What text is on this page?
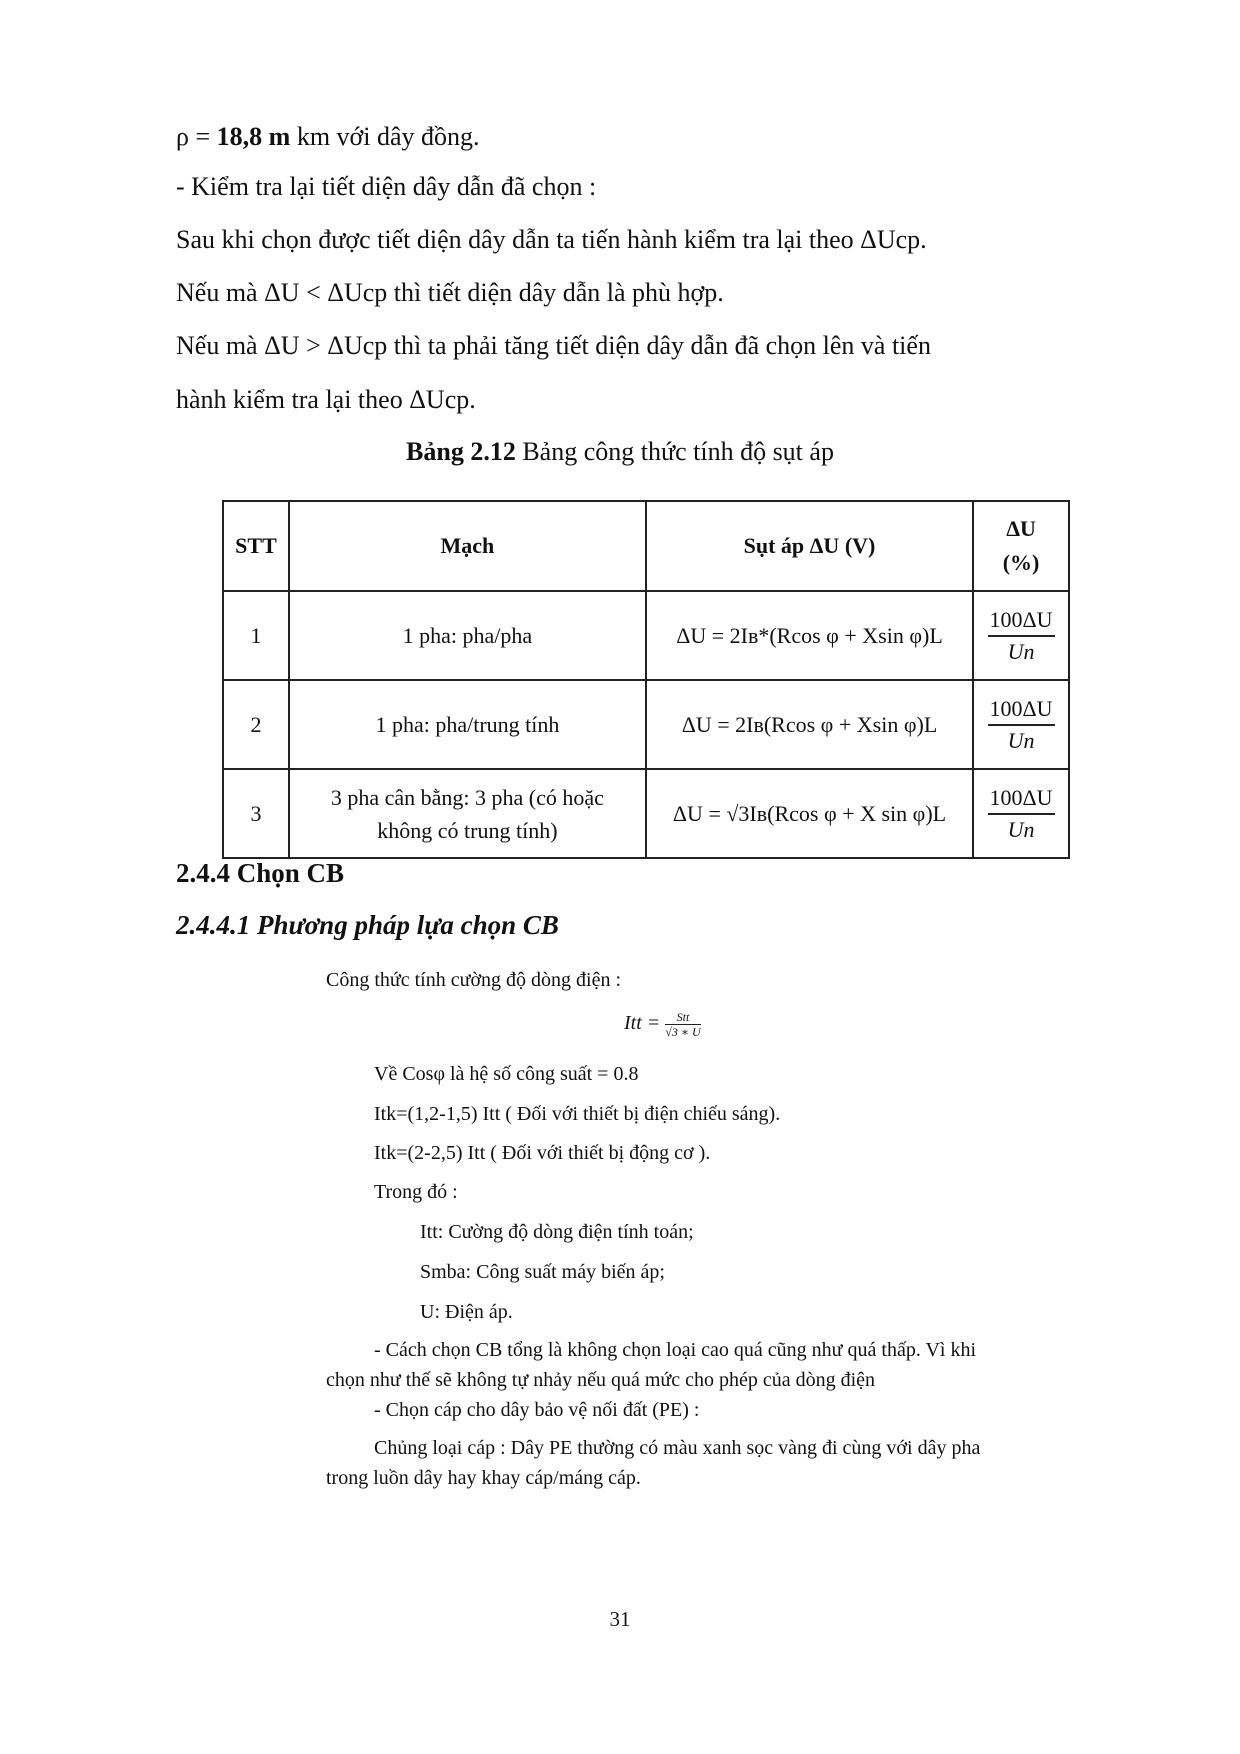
ρ = 18,8 m km với dây đồng.
- Kiểm tra lại tiết diện dây dẫn đã chọn :
Sau khi chọn được tiết diện dây dẫn ta tiến hành kiểm tra lại theo ΔUcp.
Nếu mà ΔU < ΔUcp thì tiết diện dây dẫn là phù hợp.
Nếu mà ΔU > ΔUcp thì ta phải tăng tiết diện dây dẫn đã chọn lên và tiến
hành kiểm tra lại theo ΔUcp.
Bảng 2.12 Bảng công thức tính độ sụt áp
STT	Mạch	Sụt áp ΔU (V)	ΔU
(%)
1	1 pha: pha/pha	ΔU = 2Iʙ*(Rcos φ + Xsin φ)L	$\frac{100\Delta U}{Un}$

2	1 pha: pha/trung tính	ΔU = 2Iʙ(Rcos φ + Xsin φ)L	$\frac{100\Delta U}{Un}$

3	3 pha cân bằng: 3 pha (có hoặc
không có trung tính)	ΔU = √3Iʙ(Rcos φ + X sin φ)L	$\frac{100\Delta U}{Un}$
2.4.4 Chọn CB
2.4.4.1 Phương pháp lựa chọn CB
Công thức tính cường độ dòng điện :
Itt =	Stt
√3 ∗ U
Về Cosφ là hệ số công suất = 0.8
Itk=(1,2-1,5) Itt ( Đối với thiết bị điện chiếu sáng).
Itk=(2-2,5) Itt ( Đối với thiết bị động cơ ).
Trong đó :
Itt: Cường độ dòng điện tính toán;
Smba: Công suất máy biến áp;
U: Điện áp.
- Cách chọn CB tổng là không chọn loại cao quá cũng như quá thấp. Vì khi
chọn như thế sẽ không tự nhảy nếu quá mức cho phép của dòng điện
- Chọn cáp cho dây bảo vệ nối đất (PE) :
Chủng loại cáp : Dây PE thường có màu xanh sọc vàng đi cùng với dây pha
trong luồn dây hay khay cáp/máng cáp.
31
